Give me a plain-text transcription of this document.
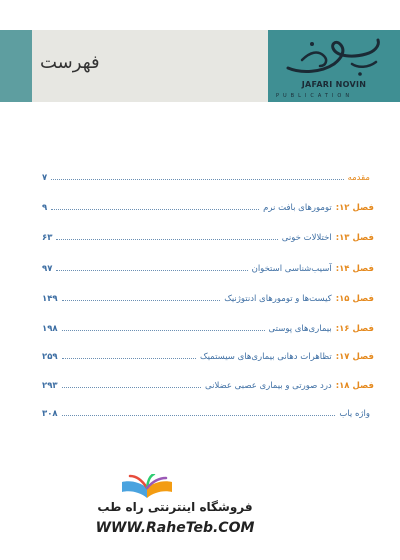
فهرست
JAFARI NOVIN
PUBLICATION
مقدمه
۷
فصل ۱۲:
تومورهای بافت نرم
۹
فصل ۱۳:
اختلالات خونی
۶۳
فصل ۱۴:
آسیب‌شناسی استخوان
۹۷
فصل ۱۵:
کیست‌ها و تومورهای ادنتوژنیک
۱۴۹
فصل ۱۶:
بیماری‌های پوستی
۱۹۸
فصل ۱۷:
تظاهرات دهانی بیماری‌های سیستمیک
۲۵۹
فصل ۱۸:
درد صورتی و بیماری عصبی عضلانی
۲۹۳
واژه یاب
۳۰۸
فروشگاه اینترنتی راه طب
WWW.RaheTeb.COM
